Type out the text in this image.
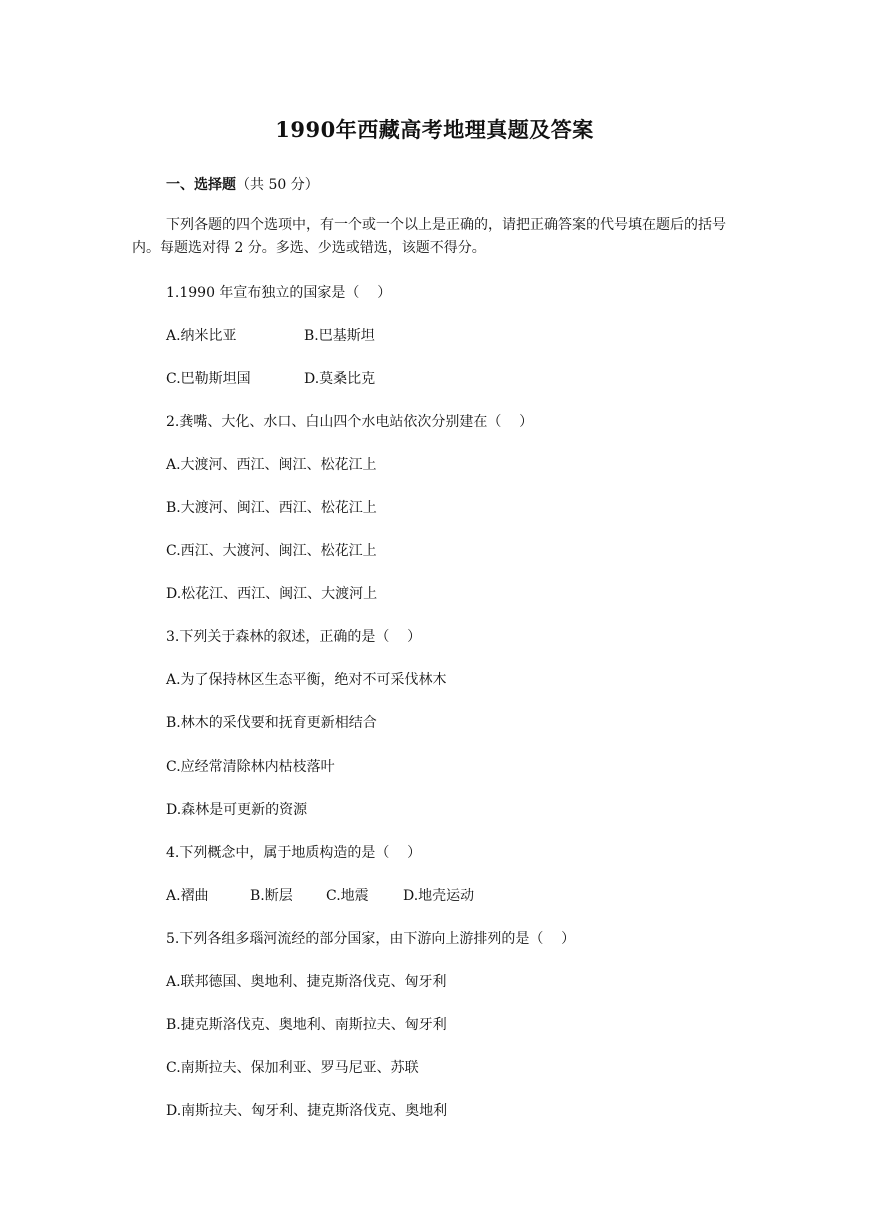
1990年西藏高考地理真题及答案
一、选择题（共 50 分）
下列各题的四个选项中，有一个或一个以上是正确的，请把正确答案的代号填在题后的括号内。每题选对得 2 分。多选、少选或错选，该题不得分。
1.1990 年宣布独立的国家是（    ）
A.纳米比亚	B.巴基斯坦
C.巴勒斯坦国	D.莫桑比克
2.龚嘴、大化、水口、白山四个水电站依次分别建在（    ）
A.大渡河、西江、闽江、松花江上
B.大渡河、闽江、西江、松花江上
C.西江、大渡河、闽江、松花江上
D.松花江、西江、闽江、大渡河上
3.下列关于森林的叙述，正确的是（    ）
A.为了保持林区生态平衡，绝对不可采伐林木
B.林木的采伐要和抚育更新相结合
C.应经常清除林内枯枝落叶
D.森林是可更新的资源
4.下列概念中，属于地质构造的是（    ）
A.褶曲	B.断层 C.地震 D.地壳运动
5.下列各组多瑙河流经的部分国家，由下游向上游排列的是（    ）
A.联邦德国、奥地利、捷克斯洛伐克、匈牙利
B.捷克斯洛伐克、奥地利、南斯拉夫、匈牙利
C.南斯拉夫、保加利亚、罗马尼亚、苏联
D.南斯拉夫、匈牙利、捷克斯洛伐克、奥地利
